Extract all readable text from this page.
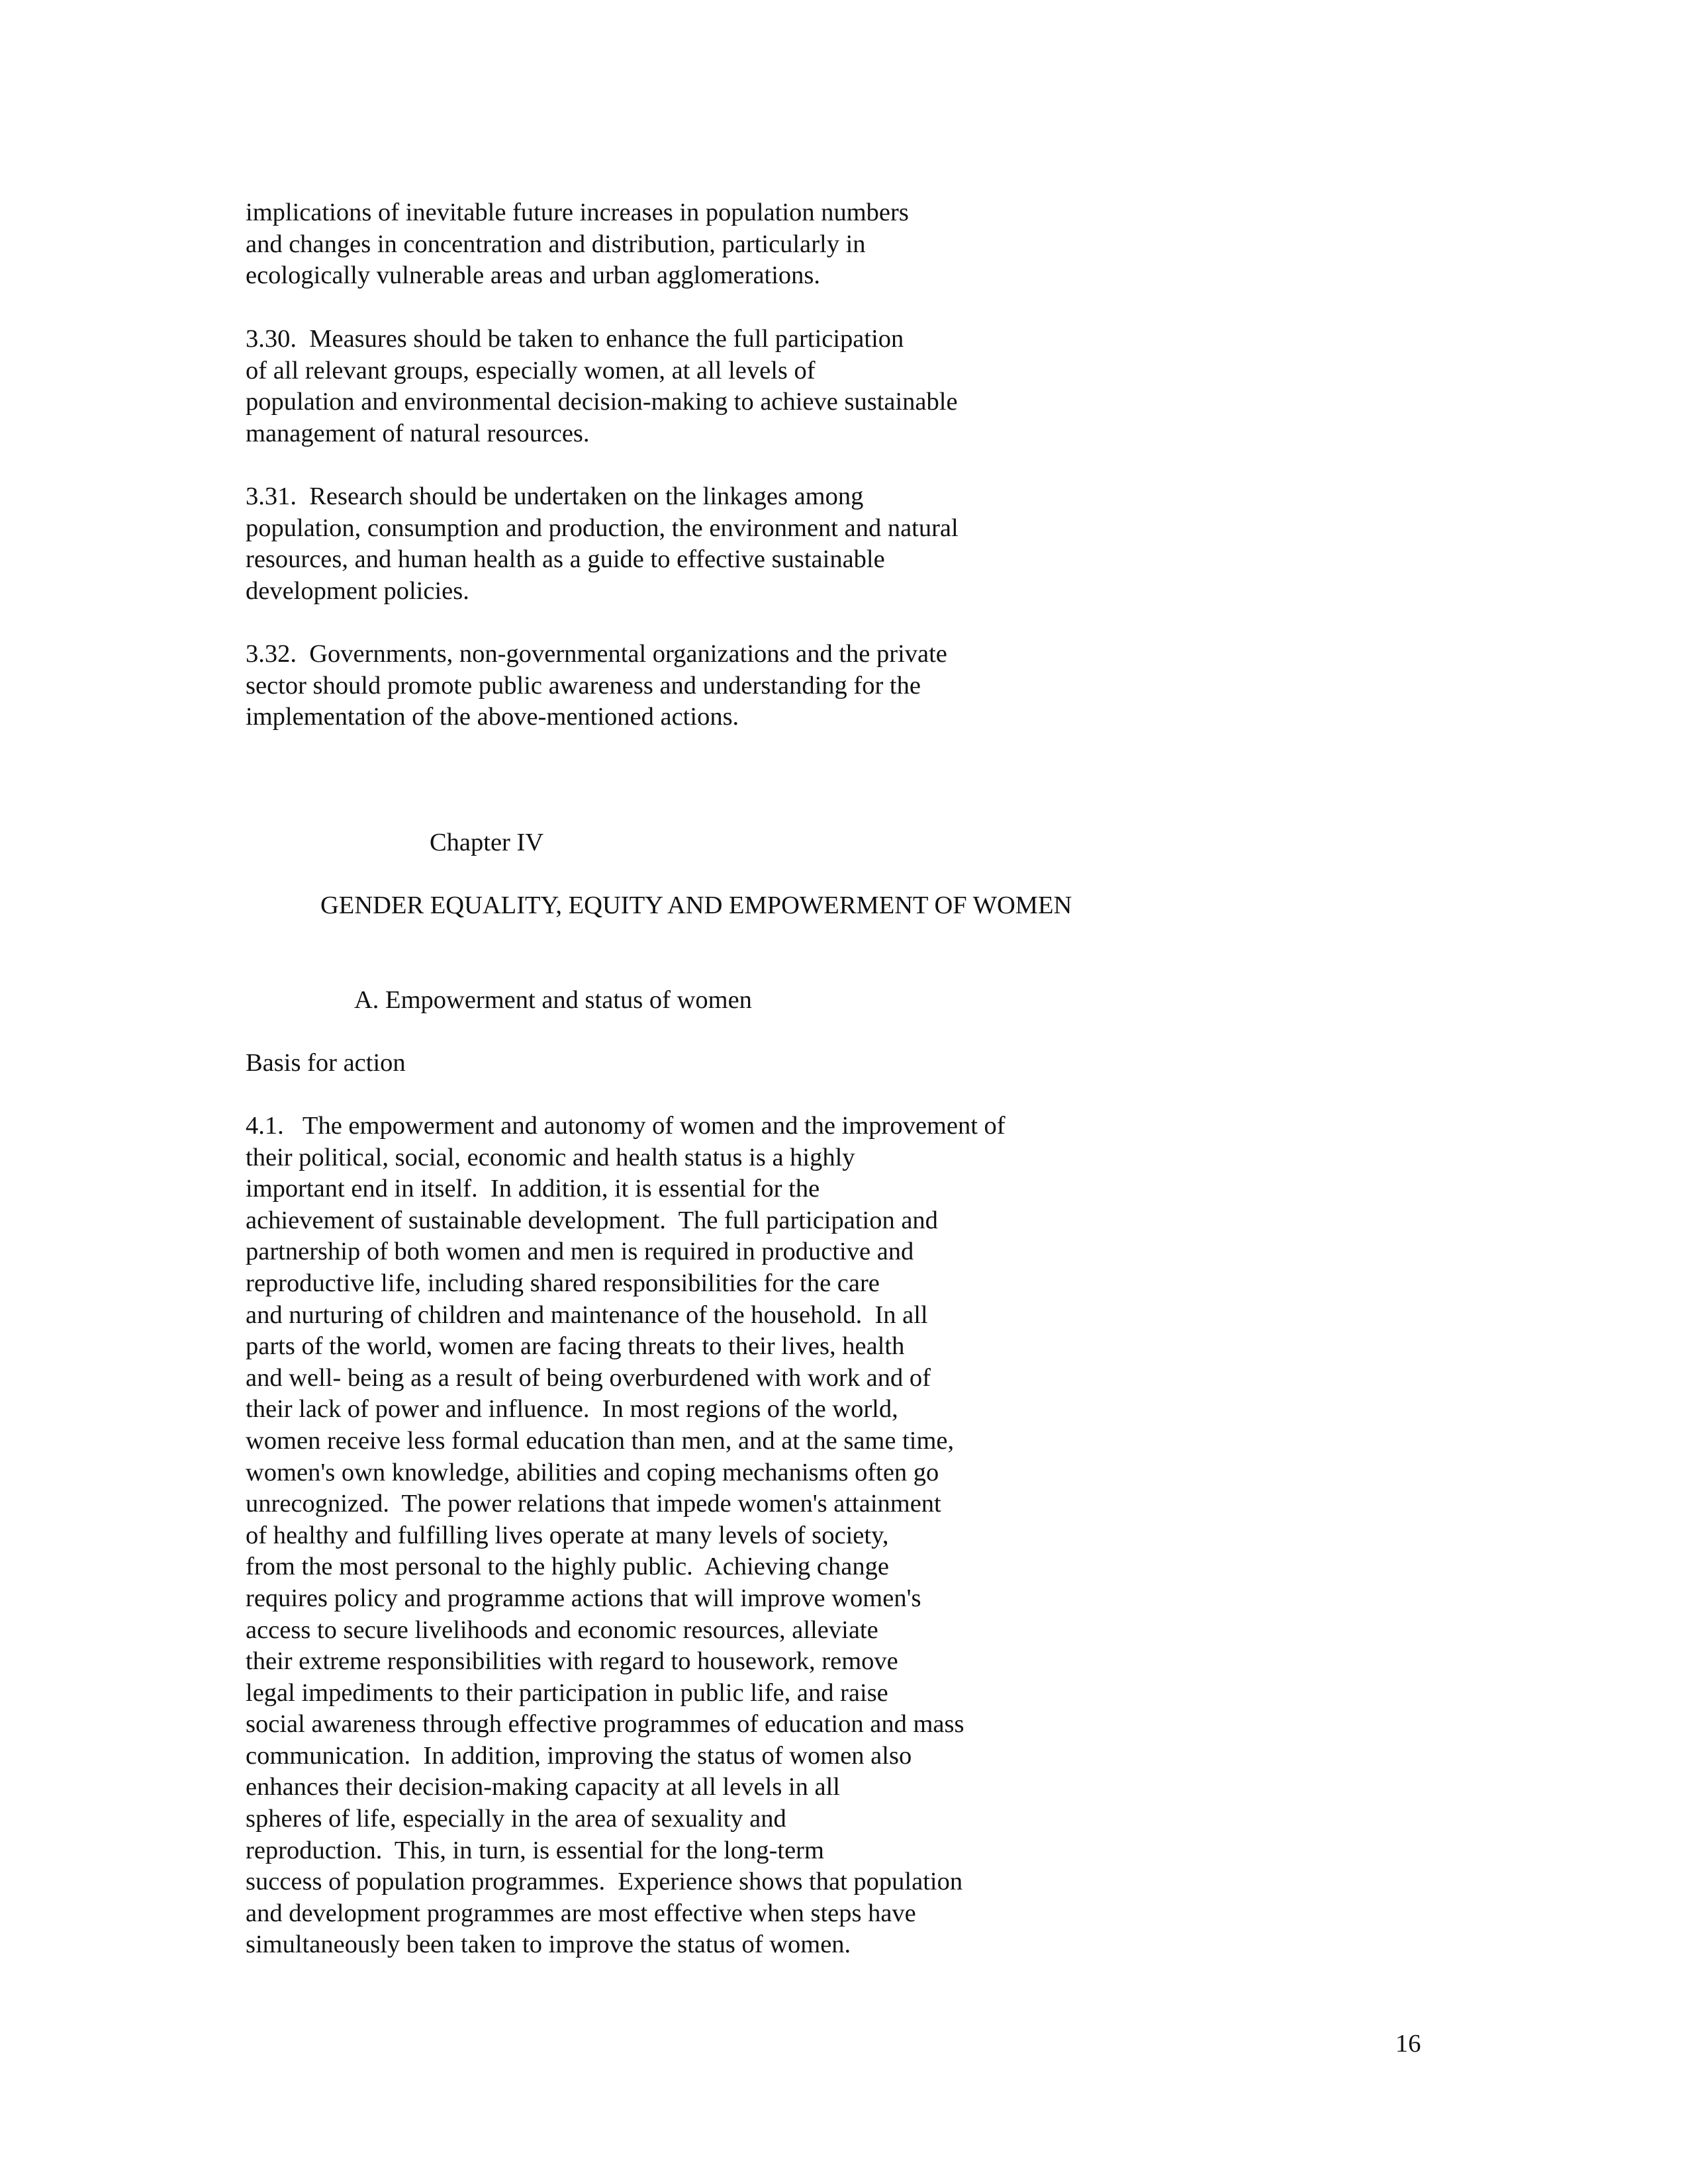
implications of inevitable future increases in population numbers
and changes in concentration and distribution, particularly in
ecologically vulnerable areas and urban agglomerations.
3.30.  Measures should be taken to enhance the full participation
of all relevant groups, especially women, at all levels of
population and environmental decision-making to achieve sustainable
management of natural resources.
3.31.  Research should be undertaken on the linkages among
population, consumption and production, the environment and natural
resources, and human health as a guide to effective sustainable
development policies.
3.32.  Governments, non-governmental organizations and the private
sector should promote public awareness and understanding for the
implementation of the above-mentioned actions.
Chapter IV
GENDER EQUALITY, EQUITY AND EMPOWERMENT OF WOMEN
A. Empowerment and status of women
Basis for action
4.1.   The empowerment and autonomy of women and the improvement of
their political, social, economic and health status is a highly
important end in itself.  In addition, it is essential for the
achievement of sustainable development.  The full participation and
partnership of both women and men is required in productive and
reproductive life, including shared responsibilities for the care
and nurturing of children and maintenance of the household.  In all
parts of the world, women are facing threats to their lives, health
and well- being as a result of being overburdened with work and of
their lack of power and influence.  In most regions of the world,
women receive less formal education than men, and at the same time,
women's own knowledge, abilities and coping mechanisms often go
unrecognized.  The power relations that impede women's attainment
of healthy and fulfilling lives operate at many levels of society,
from the most personal to the highly public.  Achieving change
requires policy and programme actions that will improve women's
access to secure livelihoods and economic resources, alleviate
their extreme responsibilities with regard to housework, remove
legal impediments to their participation in public life, and raise
social awareness through effective programmes of education and mass
communication.  In addition, improving the status of women also
enhances their decision-making capacity at all levels in all
spheres of life, especially in the area of sexuality and
reproduction.  This, in turn, is essential for the long-term
success of population programmes.  Experience shows that population
and development programmes are most effective when steps have
simultaneously been taken to improve the status of women.
16
